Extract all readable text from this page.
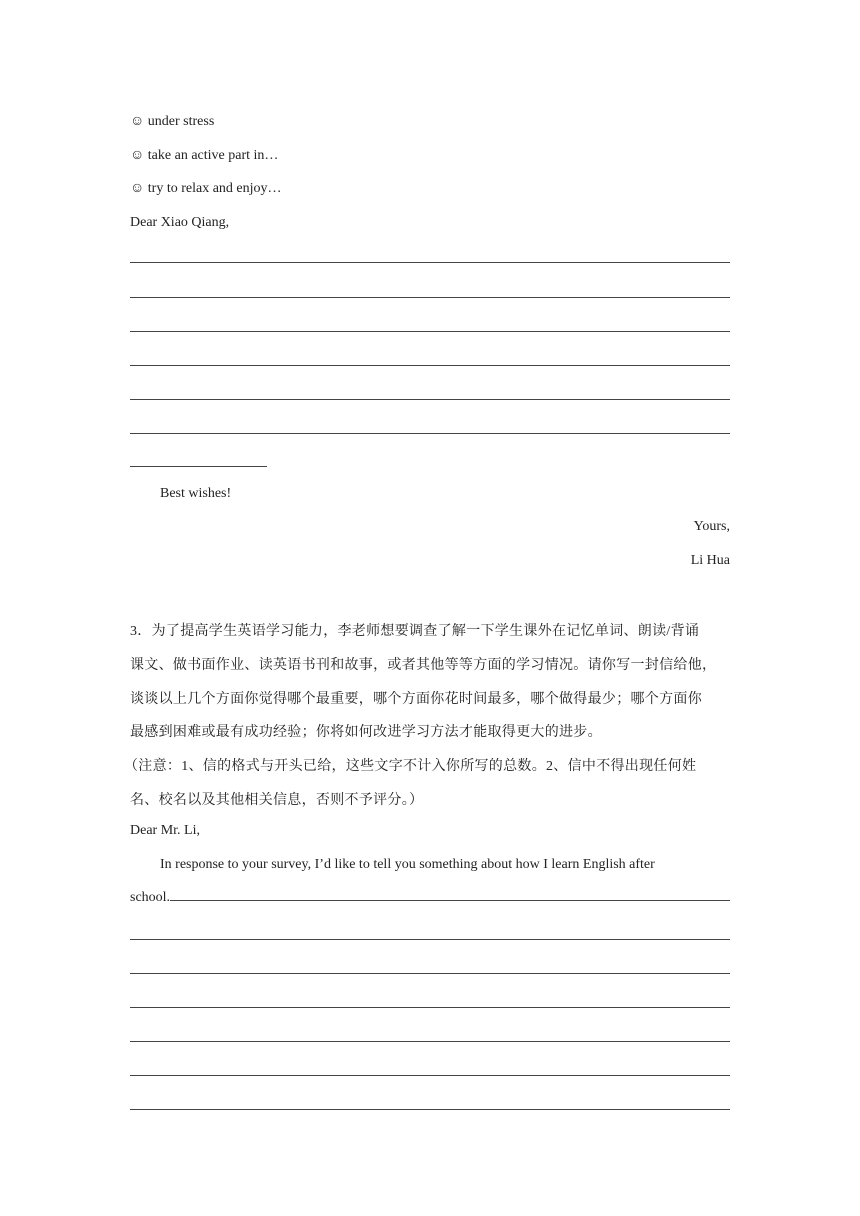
☺ under stress
☺ take an active part in…
☺ try to relax and enjoy…
Dear Xiao Qiang,
Best wishes!
Yours,
Li Hua
3．为了提高学生英语学习能力，李老师想要调查了解一下学生课外在记忆单词、朗读/背诵
课文、做书面作业、读英语书刊和故事，或者其他等等方面的学习情况。请你写一封信给他，
谈谈以上几个方面你觉得哪个最重要，哪个方面你花时间最多，哪个做得最少；哪个方面你
最感到困难或最有成功经验；你将如何改进学习方法才能取得更大的进步。
（注意：1、信的格式与开头已给，这些文字不计入你所写的总数。2、信中不得出现任何姓
名、校名以及其他相关信息，否则不予评分。）
Dear Mr. Li,
In response to your survey, I’d like to tell you something about how I learn English after
school.
